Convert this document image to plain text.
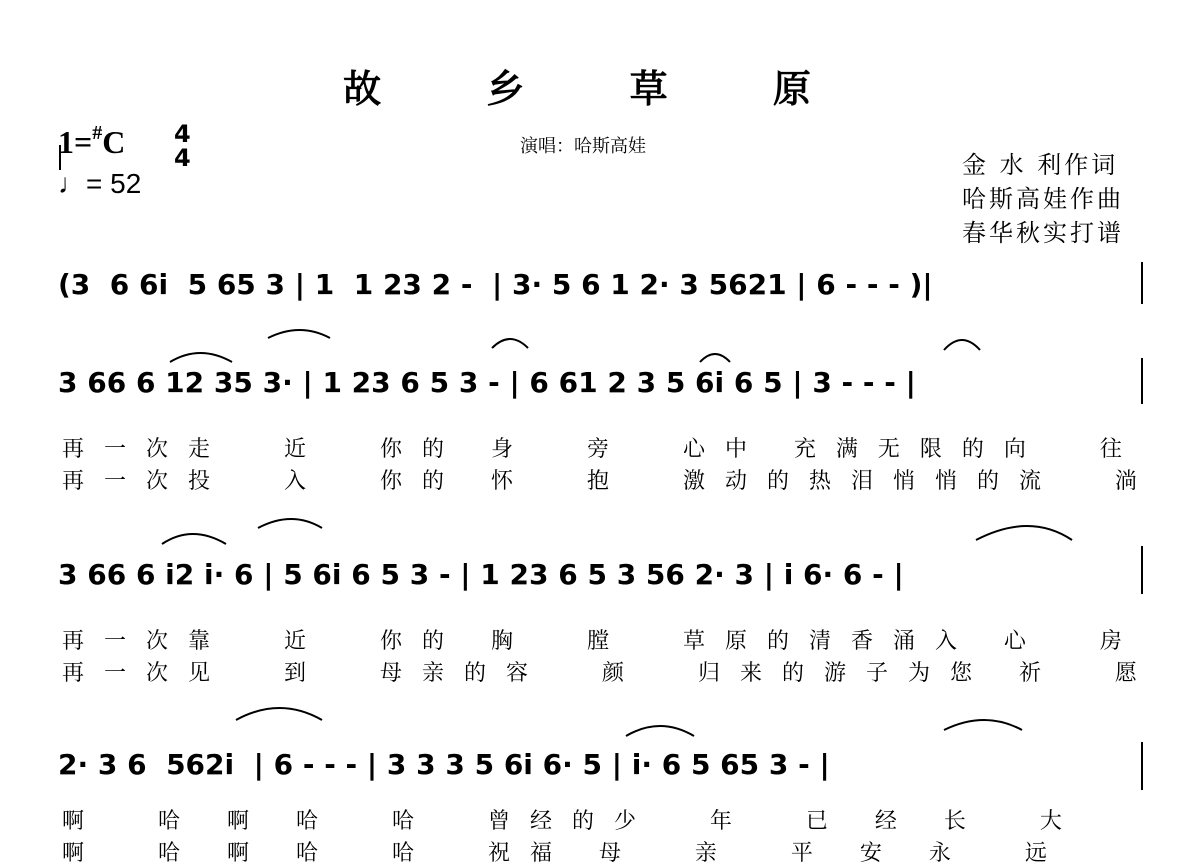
故 乡 草 原
演唱：哈斯高娃
1=#C 4
4
♩= 52
金 水 利作词
哈斯高娃作曲
春华秋实打谱
(3  6 6i  5 65 3 | 1  1 23 2 -  | 3· 5 6 1 2· 3 5621 | 6 - - - )|
3 66 6 12 35 3· | 1 23 6 5 3 - | 6 61 2 3 5 6i 6 5 | 3 - - - |
再一次走  近  你的 身  旁  心中 充满无限的向  往
再一次投  入  你的 怀  抱  激动的热泪悄悄的流  淌
3 66 6 i2 i· 6 | 5 6i 6 5 3 - | 1 23 6 5 3 56 2· 3 | i 6· 6 - |
再一次靠  近  你的 胸  膛  草原的清香涌入 心  房
再一次见  到  母亲的容  颜  归来的游子为您 祈  愿
2· 3 6  562i  | 6 - - - | 3 3 3 5 6i 6· 5 | i· 6 5 65 3 - |
啊  哈 啊 哈  哈  曾经的少  年  已 经 长  大
啊  哈 啊 哈  哈  祝福 母  亲  平 安 永  远
